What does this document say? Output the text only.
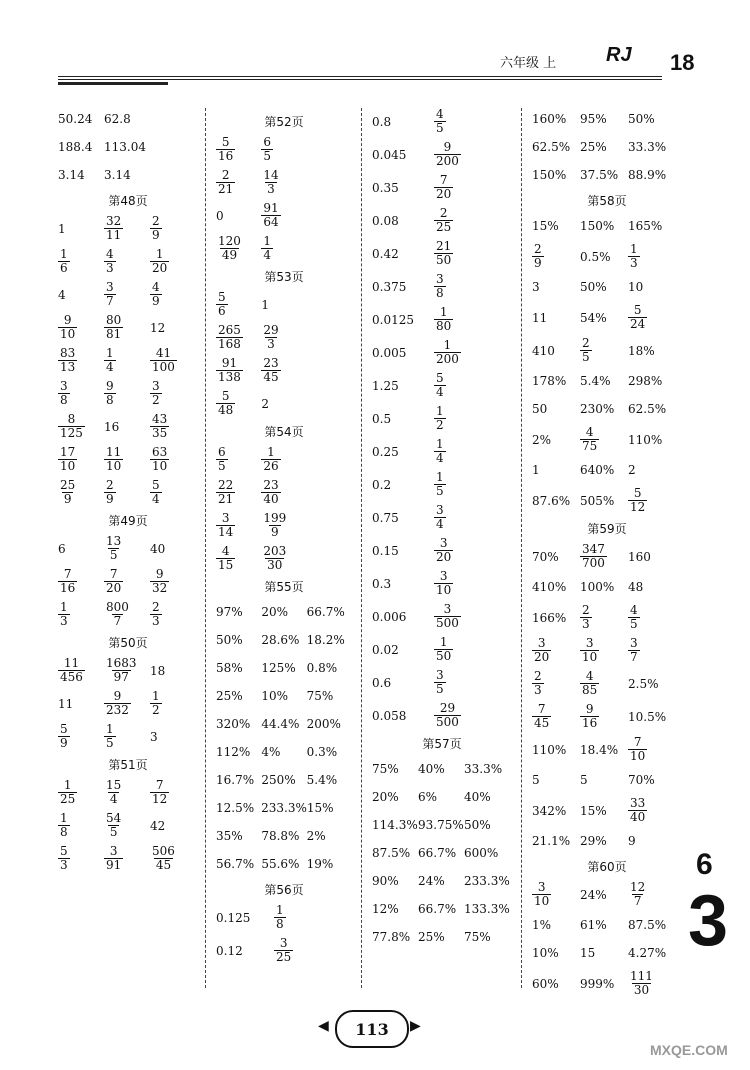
六年级 上 RJ 18
50.24 62.8
188.4 113.04
3.14	3.14
第48页
1	$\frac{32}{11} \frac{2}{9}$
$\frac{1}{6}$	$\frac{4}{3}$	$\frac{1}{20}$
4	$\frac{3}{7}$	$\frac{4}{9}$
$\frac{9}{10} \frac{80}{81} 12$
$\frac{83}{13} \frac{1}{4}$	$\frac{41}{100}$
$\frac{3}{8}$	$\frac{9}{8}$	$\frac{3}{2}$
$\frac{8}{125} 16$	$\frac{43}{35}$
$\frac{17}{10} \frac{11}{10} \frac{63}{10}$
$\frac{25}{9} \frac{2}{9}$	$\frac{5}{4}$
第49页
6	$\frac{13}{5} 40$
$\frac{7}{16} \frac{7}{20} \frac{9}{32}$
$\frac{1}{3}$	$\frac{800}{7} \frac{2}{3}$
第50页
$\frac{11}{456} \frac{1683}{97} 18$
11	$\frac{9}{232} \frac{1}{2}$
$\frac{5}{9}$	$\frac{1}{5}$	3
第51页
$\frac{1}{25} \frac{15}{4} \frac{7}{12}$
$\frac{1}{8}$	$\frac{54}{5} 42$
$\frac{5}{3}$	$\frac{3}{91} \frac{506}{45}$
第52页
$\frac{5}{16} \frac{6}{5}$
$\frac{2}{21} \frac{14}{3}$
0	$\frac{91}{64}$
$\frac{120}{49} \frac{1}{4}$
第53页
$\frac{5}{6}$	1
$\frac{265}{168} \frac{29}{3}$
$\frac{91}{138} \frac{23}{45}$
$\frac{5}{48} 2$
第54页
$\frac{6}{5}$	$\frac{1}{26}$
$\frac{22}{21} \frac{23}{40}$
$\frac{3}{14} \frac{199}{9}$
$\frac{4}{15} \frac{203}{30}$
第55页
97%	20%	66.7%
50%	28.6% 18.2%
58%	125% 0.8%
25%	10%	75%
320% 44.4% 200%
112% 4%	0.3%
16.7% 250% 5.4%
12.5% 233.3% 15%
35%	78.8% 2%
56.7% 55.6% 19%
第56页
0.125	$\frac{1}{8}$
0.12	$\frac{3}{25}$
0.8	$\frac{4}{5}$
0.045	$\frac{9}{200}$
0.35	$\frac{7}{20}$
0.08	$\frac{2}{25}$
0.42	$\frac{21}{50}$
0.375	$\frac{3}{8}$
0.0125	$\frac{1}{80}$
0.005	$\frac{1}{200}$
1.25	$\frac{5}{4}$
0.5	$\frac{1}{2}$
0.25	$\frac{1}{4}$
0.2	$\frac{1}{5}$
0.75	$\frac{3}{4}$
0.15	$\frac{3}{20}$
0.3	$\frac{3}{10}$
0.006	$\frac{3}{500}$
0.02	$\frac{1}{50}$
0.6	$\frac{3}{5}$
0.058	$\frac{29}{500}$
第57页
75%	40%	33.3%
20%	6%	40%
114.3% 93.75% 50%
87.5% 66.7% 600%
90%	24%	233.3%
12%	66.7% 133.3%
77.8% 25%	75%
160%	95%	50%
62.5% 25%	33.3%
150%	37.5% 88.9%
第58页
15%	150%	165%
$\frac{2}{9}$	0.5%	$\frac{1}{3}$
3	50%	10
11	54%	$\frac{5}{24}$
410	$\frac{2}{5}$	18%
178%	5.4%	298%
50	230%	62.5%
2%	$\frac{4}{75} 110\%$
1	640%	2
87.6% 505%	$\frac{5}{12}$
第59页
70%	$\frac{347}{700} 160$
410%	100%	48
166%	$\frac{2}{3}$	$\frac{4}{5}$
$\frac{3}{20} \frac{3}{10} \frac{3}{7}$
$\frac{2}{3}$	$\frac{4}{85} 2.5\%$
$\frac{7}{45} \frac{9}{16} 10.5\%$
110%	$18.4\% \frac{7}{10}$
5	5	70%
342%	15%	$\frac{33}{40}$
21.1% 29%	9
第60页
$\frac{3}{10} 24\%$	$\frac{12}{7}$
1%	61%	87.5%
10%	15	4.27%
60%	999%	$\frac{111}{30}$
6
3
◀	113	▶
MXQE.COM
